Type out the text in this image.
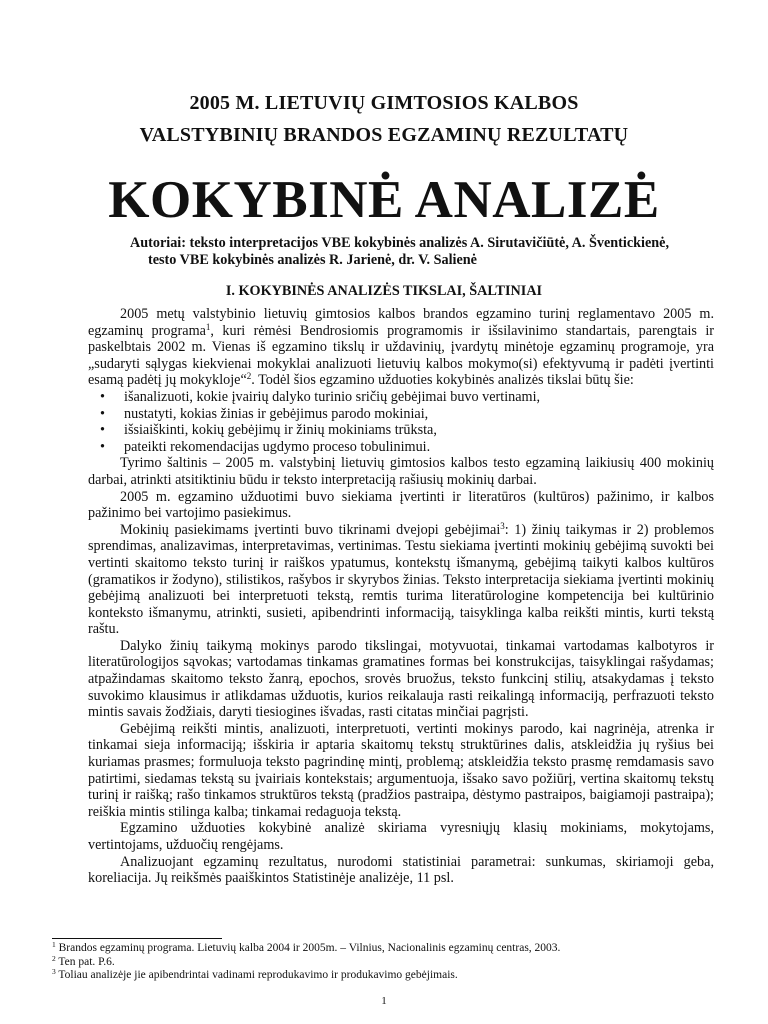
2005 M. LIETUVIŲ GIMTOSIOS KALBOS
VALSTYBINIŲ BRANDOS EGZAMINŲ REZULTATŲ
KOKYBINĖ ANALIZĖ
Autoriai: teksto interpretacijos VBE kokybinės analizės A. Sirutavičiūtė, A. Šventickienė,
testo VBE kokybinės analizės R. Jarienė, dr. V. Salienė
I. KOKYBINĖS ANALIZĖS TIKSLAI, ŠALTINIAI

2005 metų valstybinio lietuvių gimtosios kalbos brandos egzamino turinį reglamentavo 2005 m. egzaminų programa$^1$, kuri rėmėsi Bendrosiomis programomis ir išsilavinimo standartais, parengtais ir paskelbtais 2002 m. Vienas iš egzamino tikslų ir uždavinių, įvardytų minėtoje egzaminų programoje, yra „sudaryti sąlygas kiekvienai mokyklai analizuoti lietuvių kalbos mokymo(si) efektyvumą ir padėti įvertinti esamą padėtį jų mokykloje“$^2$. Todėl šios egzamino užduoties kokybinės analizės tikslai būtų šie:

• išanalizuoti, kokie įvairių dalyko turinio sričių gebėjimai buvo vertinami,
• nustatyti, kokias žinias ir gebėjimus parodo mokiniai,
• išsiaiškinti, kokių gebėjimų ir žinių mokiniams trūksta,
• pateikti rekomendacijas ugdymo proceso tobulinimui.

Tyrimo šaltinis – 2005 m. valstybinį lietuvių gimtosios kalbos testo egzaminą laikiusių 400 mokinių darbai, atrinkti atsitiktiniu būdu ir teksto interpretaciją rašiusių mokinių darbai.

2005 m. egzamino užduotimi buvo siekiama įvertinti ir literatūros (kultūros) pažinimo, ir kalbos pažinimo bei vartojimo pasiekimus.

Mokinių pasiekimams įvertinti buvo tikrinami dvejopi gebėjimai$^3$: 1) žinių taikymas ir 2) problemos sprendimas, analizavimas, interpretavimas, vertinimas. Testu siekiama įvertinti mokinių gebėjimą suvokti bei vertinti skaitomo teksto turinį ir raiškos ypatumus, kontekstų išmanymą, gebėjimą taikyti kalbos kultūros (gramatikos ir žodyno), stilistikos, rašybos ir skyrybos žinias. Teksto interpretacija siekiama įvertinti mokinių gebėjimą analizuoti bei interpretuoti tekstą, remtis turima literatūrologine kompetencija bei kultūrinio konteksto išmanymu, atrinkti, susieti, apibendrinti informaciją, taisyklinga kalba reikšti mintis, kurti tekstą raštu.

Dalyko žinių taikymą mokinys parodo tikslingai, motyvuotai, tinkamai vartodamas kalbotyros ir literatūrologijos sąvokas; vartodamas tinkamas gramatines formas bei konstrukcijas, taisyklingai rašydamas; atpažindamas skaitomo teksto žanrą, epochos, srovės bruožus, teksto funkcinį stilių, atsakydamas į teksto suvokimo klausimus ir atlikdamas užduotis, kurios reikalauja rasti reikalingą informaciją, perfrazuoti teksto mintis savais žodžiais, daryti tiesiogines išvadas, rasti citatas minčiai pagrįsti.

Gebėjimą reikšti mintis, analizuoti, interpretuoti, vertinti mokinys parodo, kai nagrinėja, atrenka ir tinkamai sieja informaciją; išskiria ir aptaria skaitomų tekstų struktūrines dalis, atskleidžia jų ryšius bei kuriamas prasmes; formuluoja teksto pagrindinę mintį, problemą; atskleidžia teksto prasmę remdamasis savo patirtimi, siedamas tekstą su įvairiais kontekstais; argumentuoja, išsako savo požiūrį, vertina skaitomų tekstų turinį ir raišką; rašo tinkamos struktūros tekstą (pradžios pastraipa, dėstymo pastraipos, baigiamoji pastraipa); reiškia mintis stilinga kalba; tinkamai redaguoja tekstą.

Egzamino užduoties kokybinė analizė skiriama vyresniųjų klasių mokiniams, mokytojams, vertintojams, užduočių rengėjams.

Analizuojant egzaminų rezultatus, nurodomi statistiniai parametrai: sunkumas, skiriamoji geba, koreliacija. Jų reikšmės paaiškintos Statistinėje analizėje, 11 psl.

$^1$ Brandos egzaminų programa. Lietuvių kalba 2004 ir 2005m. – Vilnius, Nacionalinis egzaminų centras, 2003.
$^2$ Ten pat. P.6.
$^3$ Toliau analizėje jie apibendrintai vadinami reprodukavimo ir produkavimo gebėjimais.
1
